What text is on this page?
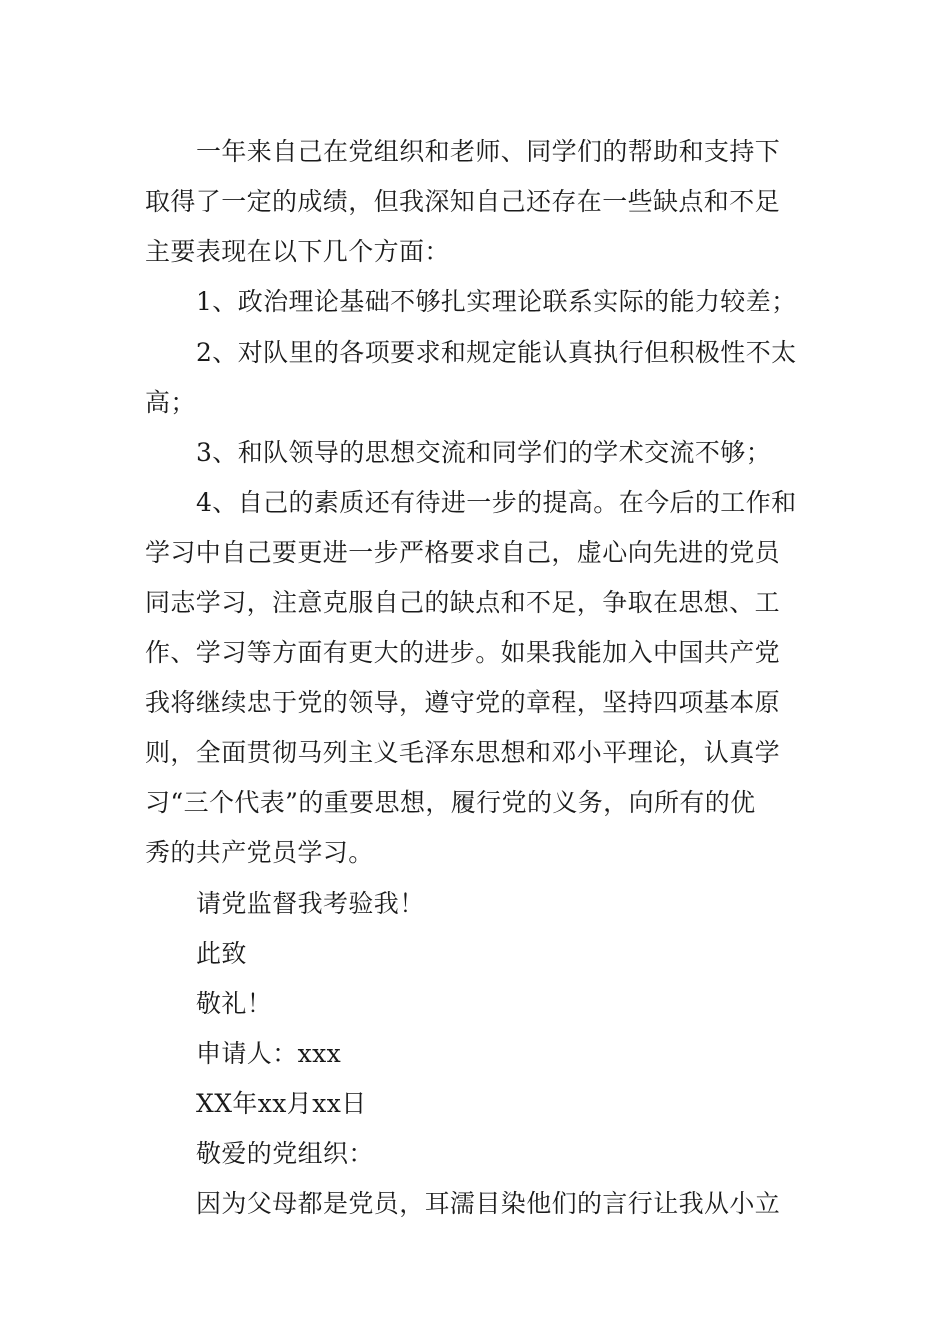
一年来自己在党组织和老师、同学们的帮助和支持下
取得了一定的成绩，但我深知自己还存在一些缺点和不足
主要表现在以下几个方面：
1、政治理论基础不够扎实理论联系实际的能力较差；
2、对队里的各项要求和规定能认真执行但积极性不太
高；
3、和队领导的思想交流和同学们的学术交流不够；
4、自己的素质还有待进一步的提高。在今后的工作和
学习中自己要更进一步严格要求自己，虚心向先进的党员
同志学习，注意克服自己的缺点和不足，争取在思想、工
作、学习等方面有更大的进步。如果我能加入中国共产党
我将继续忠于党的领导，遵守党的章程，坚持四项基本原
则，全面贯彻马列主义毛泽东思想和邓小平理论，认真学
习“三个代表”的重要思想，履行党的义务，向所有的优
秀的共产党员学习。
请党监督我考验我！
此致
敬礼！
申请人：xxx
XX年xx月xx日
敬爱的党组织：
因为父母都是党员，耳濡目染他们的言行让我从小立
